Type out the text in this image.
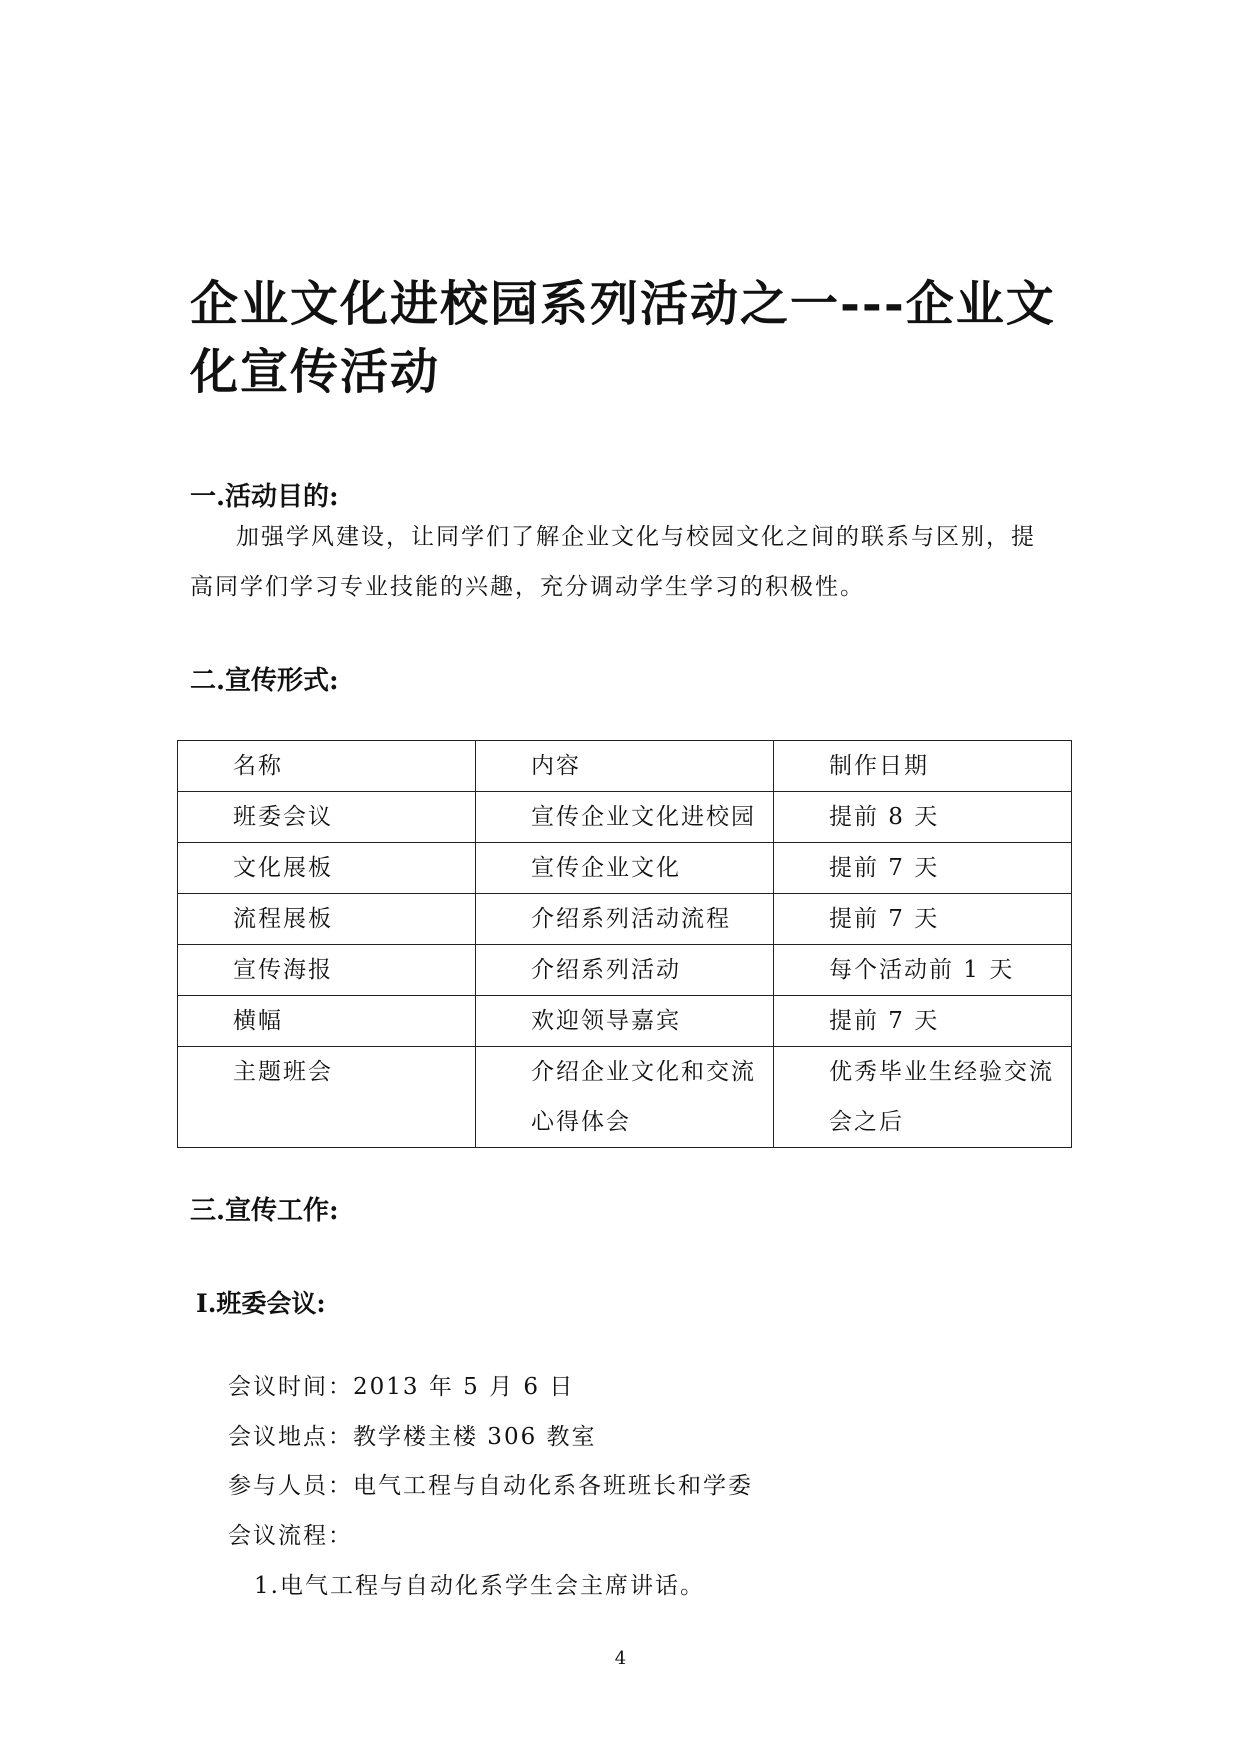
企业文化进校园系列活动之一---企业文化宣传活动
一.活动目的:

加强学风建设，让同学们了解企业文化与校园文化之间的联系与区别，提高同学们学习专业技能的兴趣，充分调动学生学习的积极性。

二.宣传形式:
名称	内容	制作日期
班委会议	宣传企业文化进校园	提前 8 天
文化展板	宣传企业文化	提前 7 天
流程展板	介绍系列活动流程	提前 7 天
宣传海报	介绍系列活动	每个活动前 1 天
横幅	欢迎领导嘉宾	提前 7 天
主题班会	介绍企业文化和交流心得体会	优秀毕业生经验交流会之后
三.宣传工作:
Ⅰ.班委会议:

会议时间：2013 年 5 月 6 日

会议地点：教学楼主楼 306 教室

参与人员：电气工程与自动化系各班班长和学委

会议流程：

1.电气工程与自动化系学生会主席讲话。

4
